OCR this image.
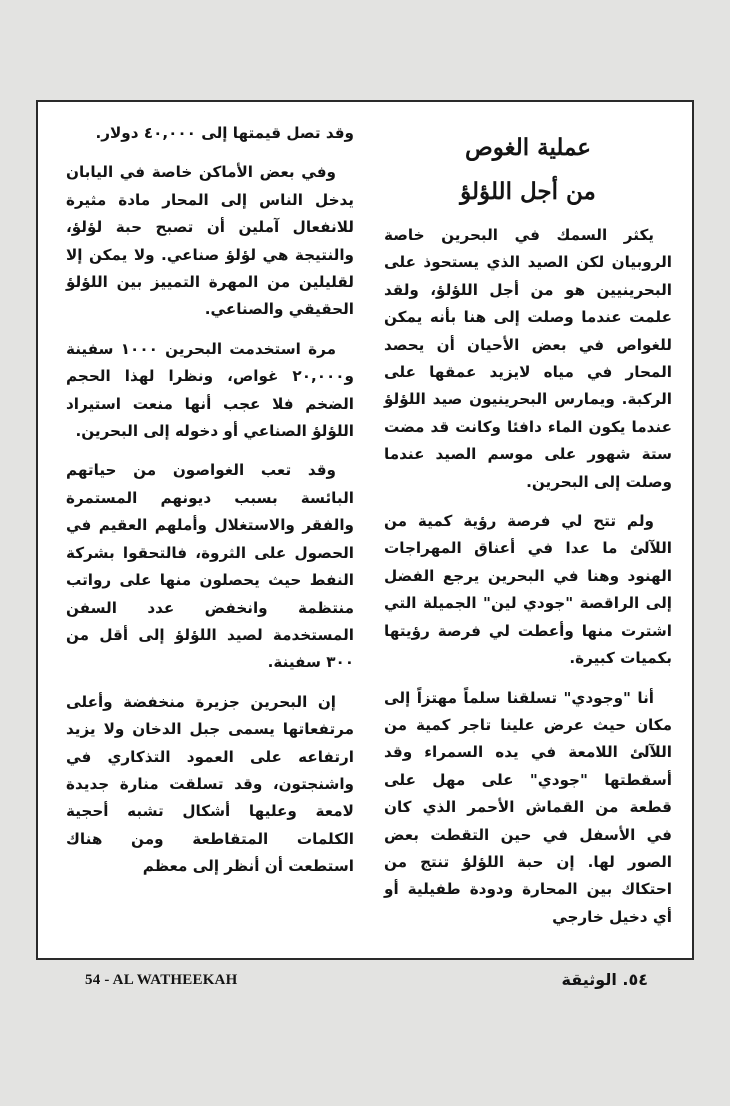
عملية الغوص
من أجل اللؤلؤ

يكثر السمك في البحرين خاصة الروبيان لكن الصيد الذي يستحوذ على البحرينيين هو من أجل اللؤلؤ، ولقد علمت عندما وصلت إلى هنا بأنه يمكن للغواص في بعض الأحيان أن يحصد المحار في مياه لايزيد عمقها على الركبة. ويمارس البحرينيون صيد اللؤلؤ عندما يكون الماء دافئا وكانت قد مضت ستة شهور على موسم الصيد عندما وصلت إلى البحرين.

ولم تتح لي فرصة رؤية كمية من اللآلئ ما عدا في أعناق المهراجات الهنود وهنا في البحرين يرجع الفضل إلى الراقصة "جودي لين" الجميلة التي اشترت منها وأعطت لي فرصة رؤيتها بكميات كبيرة.

أنا "وجودي" تسلقنا سلماً مهتزاً إلى مكان حيث عرض علينا تاجر كمية من اللآلئ اللامعة في يده السمراء وقد أسقطتها "جودي" على مهل على قطعة من القماش الأحمر الذي كان في الأسفل في حين التقطت بعض الصور لها. إن حبة اللؤلؤ تنتج من احتكاك بين المحارة ودودة طفيلية أو أي دخيل خارجي

وقد تصل قيمتها إلى ٤٠,٠٠٠ دولار.

وفي بعض الأماكن خاصة في اليابان يدخل الناس إلى المحار مادة مثيرة للانفعال آملين أن تصبح حبة لؤلؤ، والنتيجة هي لؤلؤ صناعي. ولا يمكن إلا لقليلين من المهرة التمييز بين اللؤلؤ الحقيقي والصناعي.

مرة استخدمت البحرين ١٠٠٠ سفينة و٢٠,٠٠٠ غواص، ونظرا لهذا الحجم الضخم فلا عجب أنها منعت استيراد اللؤلؤ الصناعي أو دخوله إلى البحرين.

وقد تعب الغواصون من حياتهم البائسة بسبب ديونهم المستمرة والفقر والاستغلال وأملهم العقيم في الحصول على الثروة، فالتحقوا بشركة النفط حيث يحصلون منها على رواتب منتظمة وانخفض عدد السفن المستخدمة لصيد اللؤلؤ إلى أقل من ٣٠٠ سفينة.

إن البحرين جزيرة منخفضة وأعلى مرتفعاتها يسمى جبل الدخان ولا يزيد ارتفاعه على العمود التذكاري في واشنجتون، وقد تسلقت منارة جديدة لامعة وعليها أشكال تشبه أحجية الكلمات المتقاطعة ومن هناك استطعت أن أنظر إلى معظم

54 - AL WATHEEKAH	٥٤. الوثيقة
